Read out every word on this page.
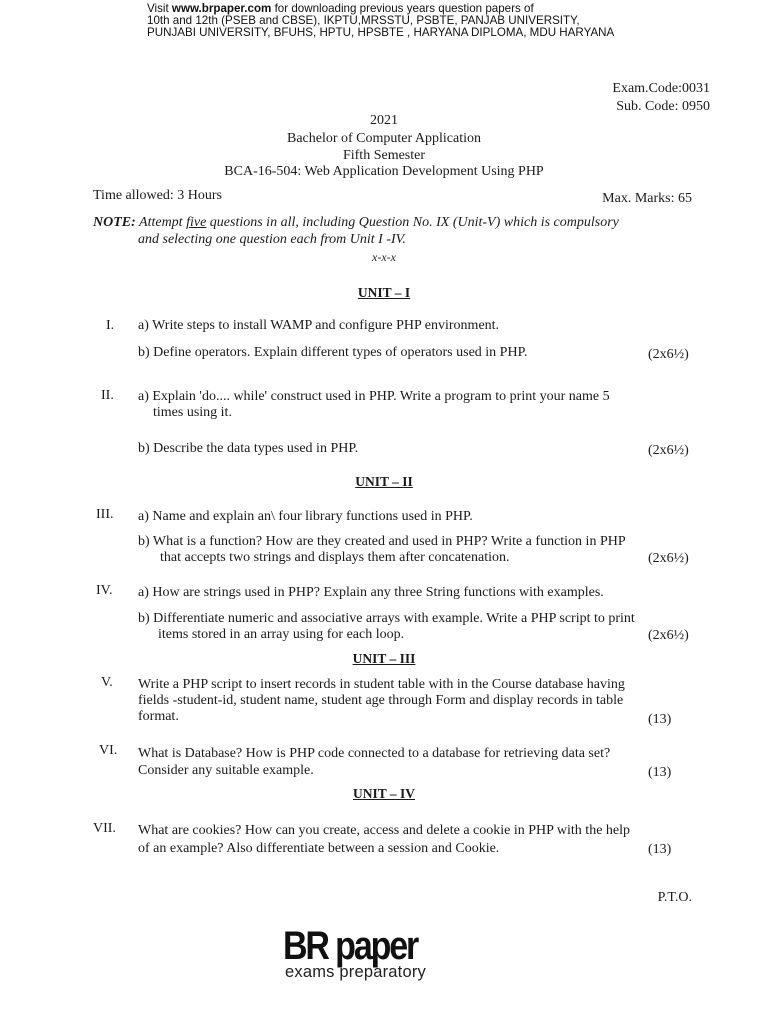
Visit www.brpaper.com for downloading previous years question papers of
10th and 12th (PSEB and CBSE), IKPTU,MRSSTU, PSBTE, PANJAB UNIVERSITY,
PUNJABI UNIVERSITY, BFUHS, HPTU, HPSBTE , HARYANA DIPLOMA, MDU HARYANA
Exam.Code:0031
Sub. Code: 0950
2021
Bachelor of Computer Application
Fifth Semester
BCA-16-504: Web Application Development Using PHP
Time allowed: 3 Hours	Max. Marks: 65
NOTE: Attempt five questions in all, including Question No. IX (Unit-V) which is compulsory
and selecting one question each from Unit I -IV.
x-x-x
UNIT – I
I. a) Write steps to install WAMP and configure PHP environment.
b) Define operators. Explain different types of operators used in PHP.	(2x6½)
II. a) Explain 'do.... while' construct used in PHP. Write a program to print your name 5
times using it.
b) Describe the data types used in PHP.	(2x6½)
UNIT – II
III. a) Name and explain an\ four library functions used in PHP.
b) What is a function? How are they created and used in PHP? Write a function in PHP
that accepts two strings and displays them after concatenation.	(2x6½)
IV. a) How are strings used in PHP? Explain any three String functions with examples.
b) Differentiate numeric and associative arrays with example. Write a PHP script to print
items stored in an array using for each loop.	(2x6½)
UNIT – III
V. Write a PHP script to insert records in student table with in the Course database having
fields -student-id, student name, student age through Form and display records in table
format.	(13)
VI. What is Database? How is PHP code connected to a database for retrieving data set?
Consider any suitable example.	(13)
UNIT – IV
VII. What are cookies? How can you create, access and delete a cookie in PHP with the help
of an example? Also differentiate between a session and Cookie.	(13)
P.T.O.
BR paper
exams preparatory
